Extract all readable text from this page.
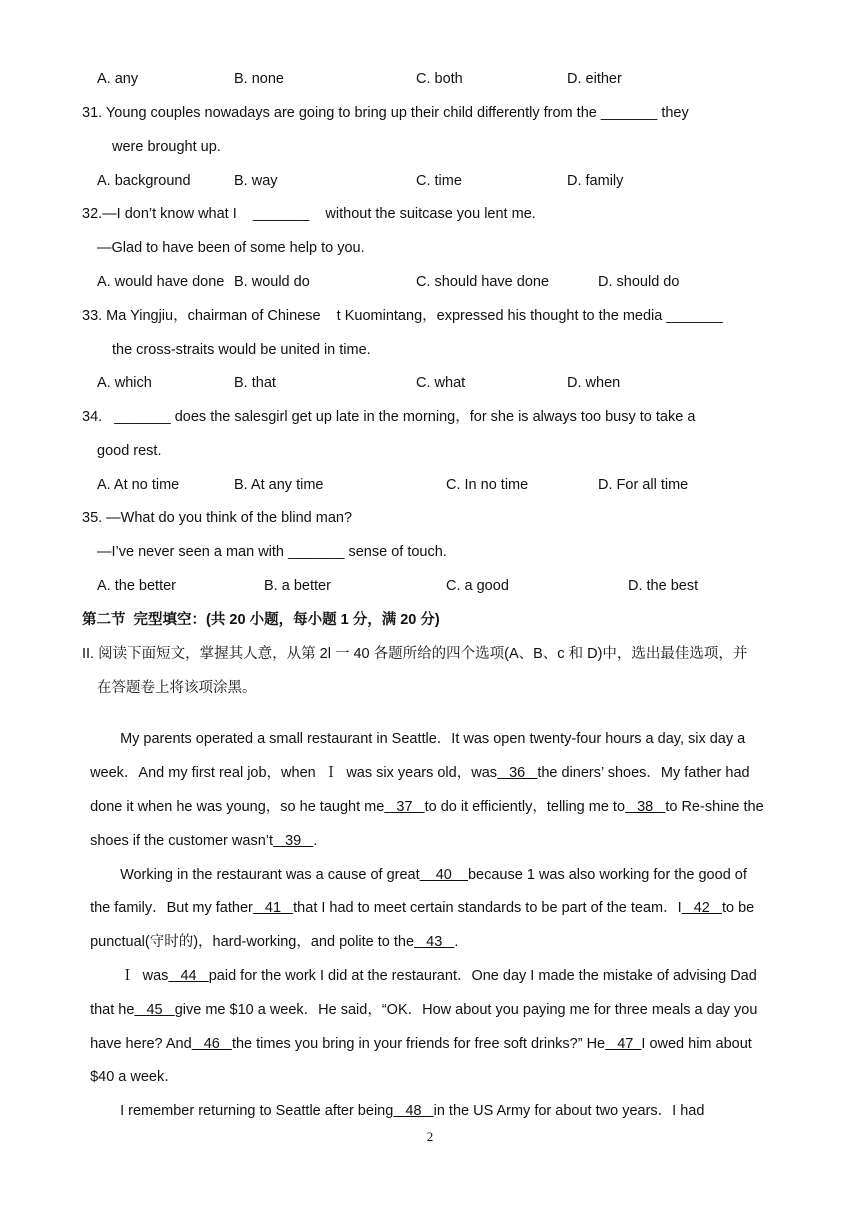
A. any	B. none	C. both	D. either
31. Young couples nowadays are going to bring up their child differently from the _______ they
were brought up.
A. background	B. way	C. time	D. family
32.—I don’t know what I    _______    without the suitcase you lent me.
—Glad to have been of some help to you.
A. would have done B. would do	C. should have done	D. should do
33. Ma Yingjiu，chairman of Chinese    t Kuomintang，expressed his thought to the media _______
the cross-straits would be united in time.
A. which	B. that	C. what	D. when
34.   _______ does the salesgirl get up late in the morning，for she is always too busy to take a
good rest.
A. At no time	B. At any time	C. In no time	D. For all time
35. —What do you think of the blind man?
—I’ve never seen a man with _______ sense of touch.
A. the better	B. a better	C. a good	D. the best
第二节  完型填空：(共 20 小题，每小题 1 分，满 20 分)
II. 阅读下面短文，掌握其人意，从第 2l 一 40 各题所给的四个选项(A、B、c 和 D)中，选出最佳选项，并
在答题卷上将该项涂黑。

My parents operated a small restaurant in Seattle．It was open twenty-four hours a day, six day a

week．And my first real job，when  Ｉ  was six years old，was   36   the diners’ shoes．My father had

done it when he was young，so he taught me   37   to do it efficiently，telling me to   38   to Re-shine the

shoes if the customer wasn’t   39   .

Working in the restaurant was a cause of great    40    because 1 was also working for the good of

the family．But my father   41   that I had to meet certain standards to be part of the team．I   42   to be

punctual(守时的)，hard-working，and polite to the   43   .

Ｉ  was   44   paid for the work I did at the restaurant．One day I made the mistake of advising Dad

that he   45   give me $10 a week．He said，“OK．How about you paying me for three meals a day you

have here? And   46   the times you bring in your friends for free soft drinks?” He   47  I owed him about

$40 a week．

I remember returning to Seattle after being   48   in the US Army for about two years．I had

2
